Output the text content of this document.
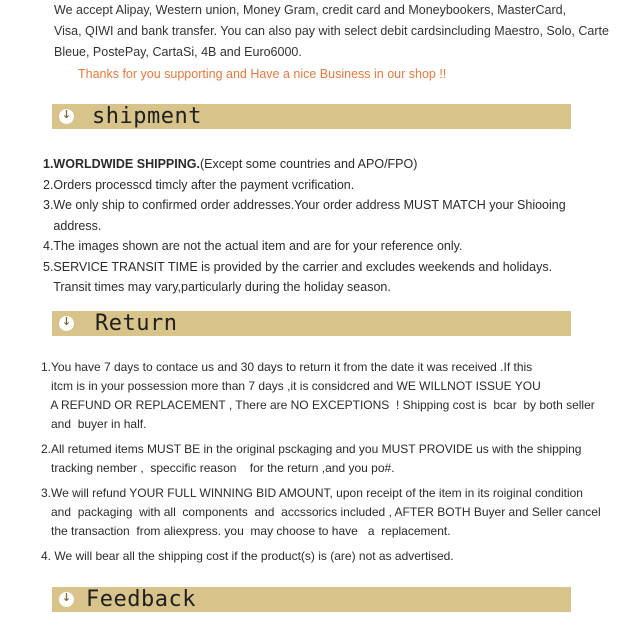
We accept Alipay, Western union, Money Gram, credit card and Moneybookers, MasterCard,

Visa, QIWI and bank transfer. You can also pay with select debit cardsincluding Maestro, Solo, Carte

Bleue, PostePay, CartaSi, 4B and Euro6000.

Thanks for you supporting and Have a nice Business in our shop !!
↓ shipment

1.WORLDWIDE SHIPPING.(Except some countries and APO/FPO)

2.Orders processcd timcly after the payment vcrification.

3.We only ship to confirmed order addresses.Your order address MUST MATCH your Shiooing

address.

4.The images shown are not the actual item and are for your reference only.

5.SERVICE TRANSIT TIME is provided by the carrier and excludes weekends and holidays.

Transit times may vary,particularly during the holiday season.

↓ Return

1.You have 7 days to contace us and 30 days to return it from the date it was received .If this
itcm is in your possession more than 7 days ,it is considcred and WE WILLNOT ISSUE YOU
A REFUND OR REPLACEMENT , There are NO EXCEPTIONS  ! Shipping cost is  bcar  by both seller
and  buyer in half.

2.All retumed items MUST BE in the original psckaging and you MUST PROVIDE us with the shipping
tracking nember ,  speccific reason    for the return ,and you po#.

3.We will refund YOUR FULL WINNING BID AMOUNT, upon receipt of the item in its roiginal condition
and  packaging  with all  components  and  accssorics included , AFTER BOTH Buyer and Seller cancel
the transaction  from aliexpress. you  may choose to have   a  replacement.

4. We will bear all the shipping cost if the product(s) is (are) not as advertised.

↓ Feedback
